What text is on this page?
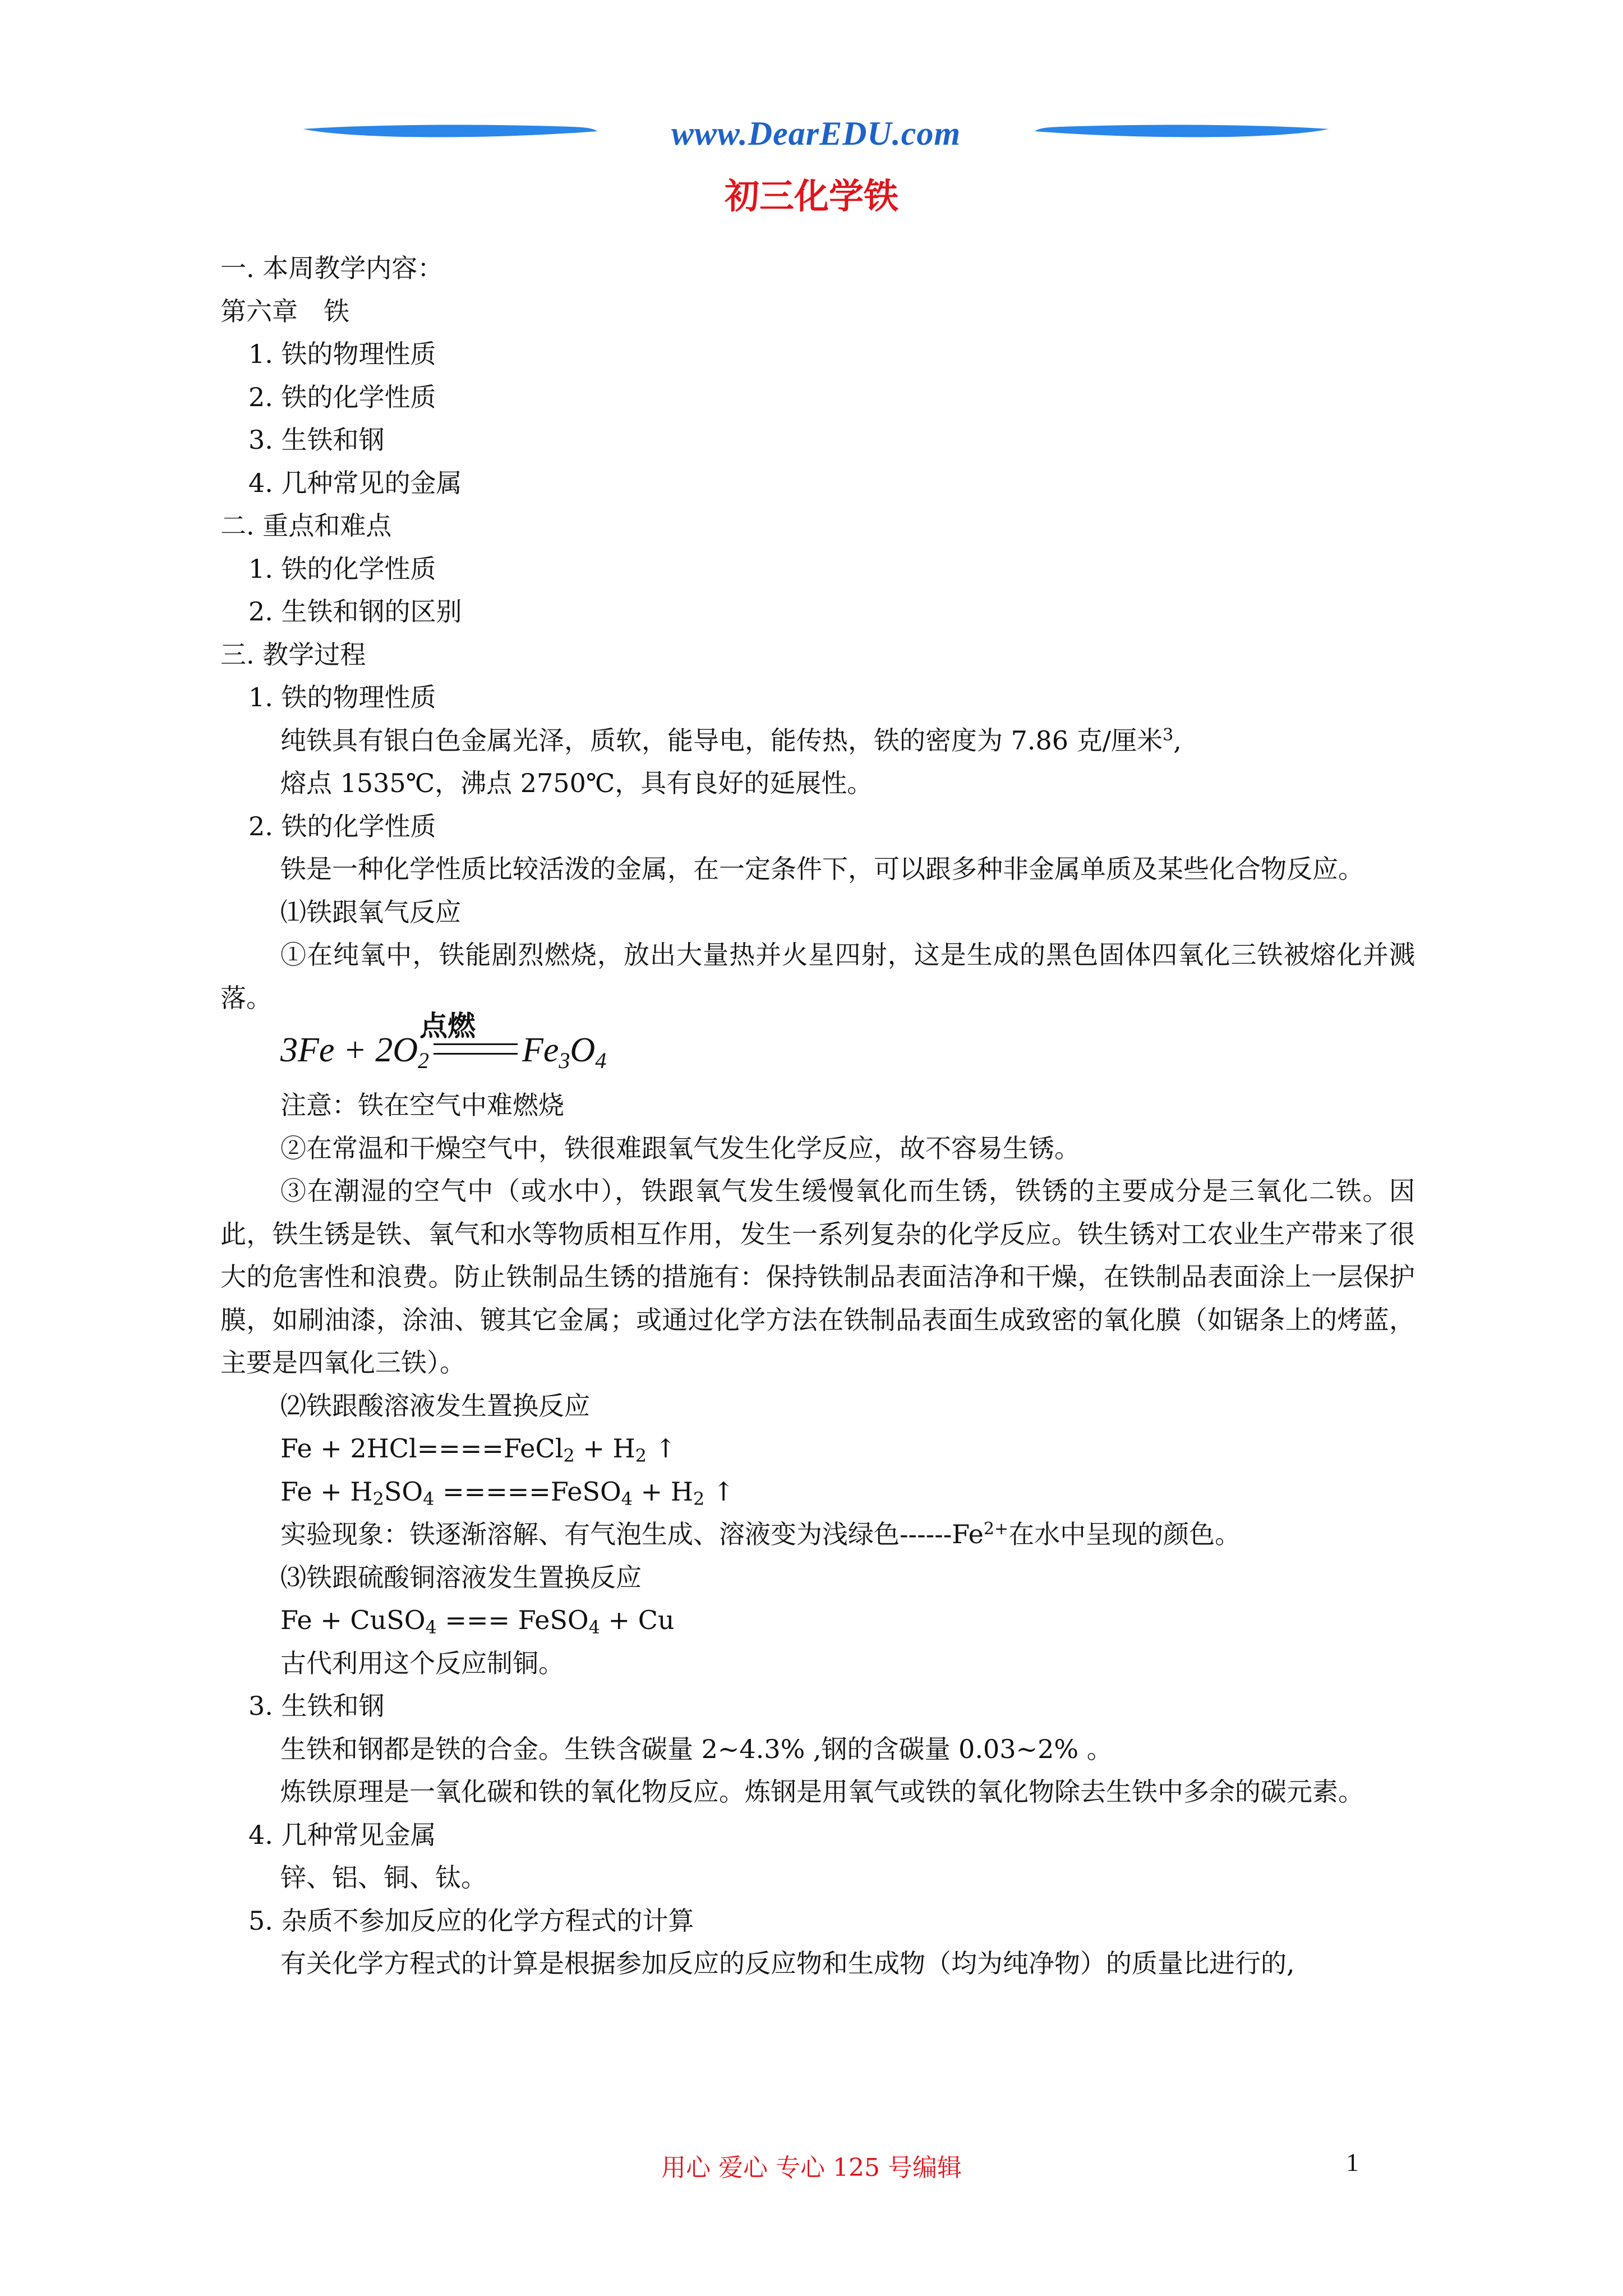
www.DearEDU.com
初三化学铁
一. 本周教学内容：
第六章　铁
1. 铁的物理性质
2. 铁的化学性质
3. 生铁和钢
4. 几种常见的金属
二. 重点和难点
1. 铁的化学性质
2. 生铁和钢的区别
三. 教学过程
1. 铁的物理性质
纯铁具有银白色金属光泽，质软，能导电，能传热，铁的密度为 7.86 克/厘米$^3$,
熔点 1535℃，沸点 2750℃，具有良好的延展性。
2. 铁的化学性质
铁是一种化学性质比较活泼的金属，在一定条件下，可以跟多种非金属单质及某些化合物反应。
⑴铁跟氧气反应
①在纯氧中，铁能剧烈燃烧，放出大量热并火星四射，这是生成的黑色固体四氧化三铁被熔化并溅落。
$3Fe + 2O_2$
点燃
$Fe_3O_4$
注意：铁在空气中难燃烧
②在常温和干燥空气中，铁很难跟氧气发生化学反应，故不容易生锈。
③在潮湿的空气中（或水中），铁跟氧气发生缓慢氧化而生锈，铁锈的主要成分是三氧化二铁。因此，铁生锈是铁、氧气和水等物质相互作用，发生一系列复杂的化学反应。铁生锈对工农业生产带来了很大的危害性和浪费。防止铁制品生锈的措施有：保持铁制品表面洁净和干燥，在铁制品表面涂上一层保护膜，如刷油漆，涂油、镀其它金属；或通过化学方法在铁制品表面生成致密的氧化膜（如锯条上的烤蓝，主要是四氧化三铁）。
⑵铁跟酸溶液发生置换反应
Fe + 2HCl====FeCl$_2$ + $H_2$ ↑
$Fe + H_2SO_4$ =====FeSO$_4$ + $H_2$ ↑
实验现象：铁逐渐溶解、有气泡生成、溶液变为浅绿色$------Fe^{2+}$在水中呈现的颜色。
⑶铁跟硫酸铜溶液发生置换反应
Fe + CuSO$_4$ === FeSO$_4$ + Cu
古代利用这个反应制铜。
3. 生铁和钢
生铁和钢都是铁的合金。生铁含碳量 2~4.3% ,钢的含碳量 0.03~2% 。
炼铁原理是一氧化碳和铁的氧化物反应。炼钢是用氧气或铁的氧化物除去生铁中多余的碳元素。
4. 几种常见金属
锌、铝、铜、钛。
5. 杂质不参加反应的化学方程式的计算
有关化学方程式的计算是根据参加反应的反应物和生成物（均为纯净物）的质量比进行的,
用心 爱心 专心 125 号编辑	1
